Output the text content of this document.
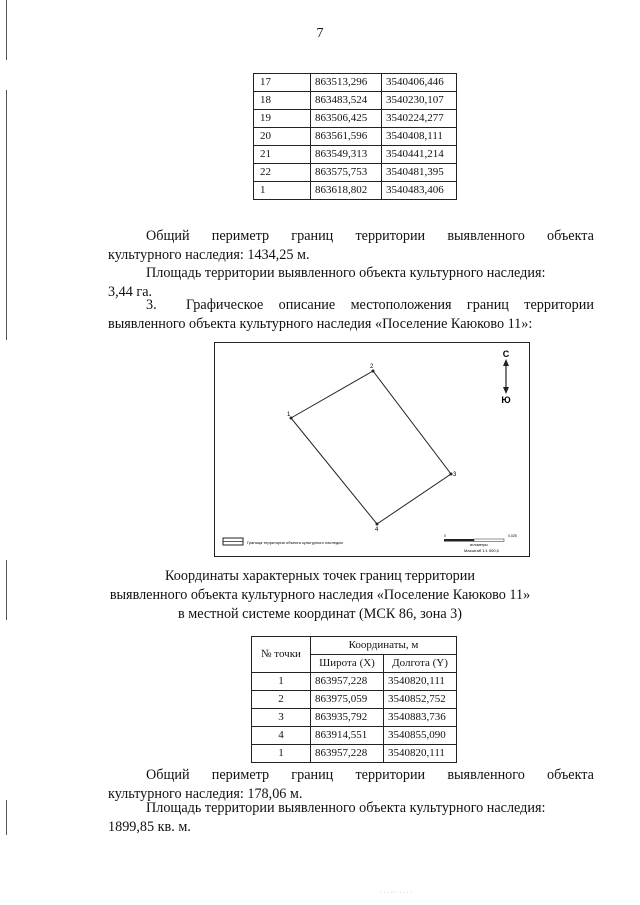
7
17	863513,296	3540406,446
18	863483,524	3540230,107
19	863506,425	3540224,277
20	863561,596	3540408,111
21	863549,313	3540441,214
22	863575,753	3540481,395
1	863618,802	3540483,406
Общий периметр границ территории выявленного объекта
культурного наследия: 1434,25 м.
Площадь территории выявленного объекта культурного наследия:
3,44 га.
3. Графическое описание местоположения границ территории
выявленного объекта культурного наследия «Поселение Каюково 11»:
1
2
3
4
С
Ю
Граница территории объекта культурного наследия
0	0,025
километры
Масштаб 1:1 000,0
Координаты характерных точек границ территории
выявленного объекта культурного наследия «Поселение Каюково 11»
в местной системе координат (МСК 86, зона 3)
№ точки	Координаты, м	
	Широта (X)	Долгота (Y)
1	863957,228	3540820,111
2	863975,059	3540852,752
3	863935,792	3540883,736
4	863914,551	3540855,090
1	863957,228	3540820,111
Общий периметр границ территории выявленного объекта
культурного наследия: 178,06 м.
Площадь территории выявленного объекта культурного наследия:
1899,85 кв. м.
· · · ·· · · · · ·
